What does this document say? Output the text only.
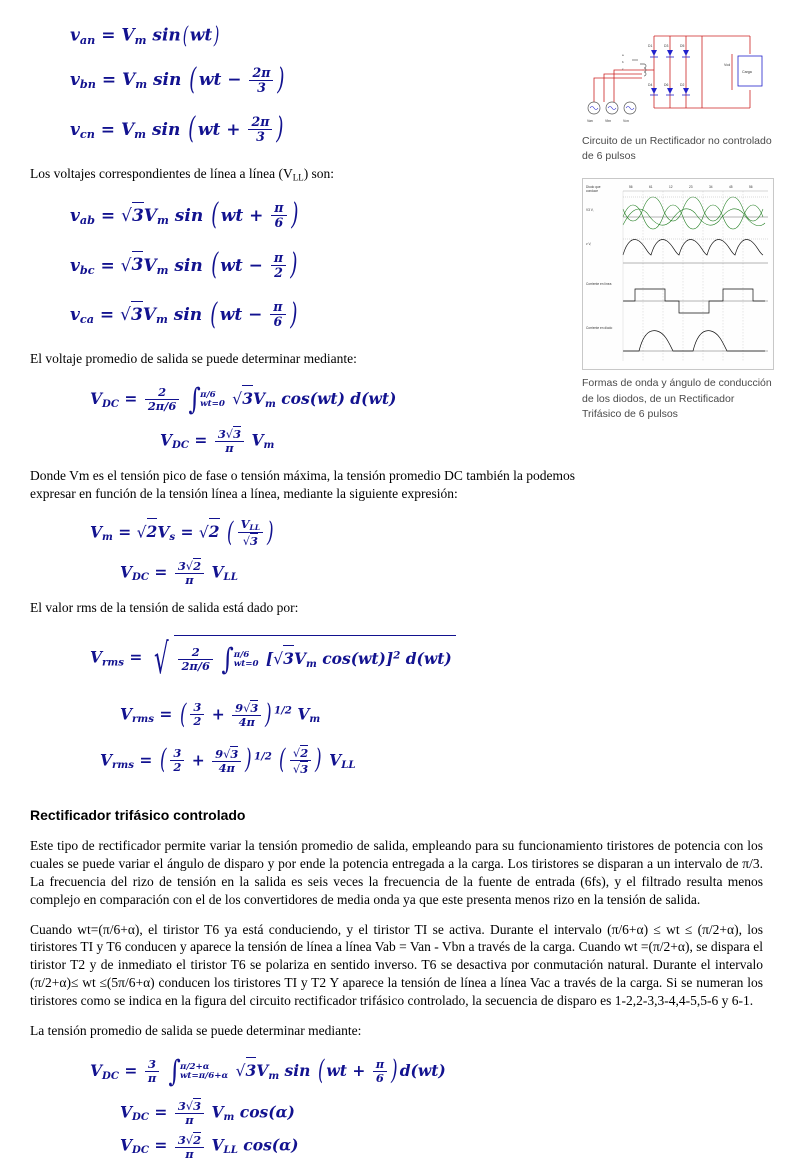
D1	D3	D5
D4	D6	D2
Vcd
Carga
Van	Vbn	Vcn
a
b
c
Circuito de un Rectificador no controlado de 6 pulsos
Diodo que
conduce
56	61	12	23	34	45	56
V3 V,
v V,
Corriente en línea
Corriente en diodo
Formas de onda y ángulo de conducción de los diodos, de un Rectificador Trifásico de 6 pulsos
$v_{an} = V_m$ sin( wt)
$v_{bn} = V_m$ sin ( wt − $\frac{2\pi}{3}$ )
$v_{cn} = V_m$ sin ( wt + $\frac{2\pi}{3}$ )

Los voltajes correspondientes de línea a línea $(V_{LL})$ son:

$v_{ab} = √3V_m$ sin ( wt + $\frac{\pi}{6}$ )
$v_{bc} = √3V_m$ sin ( wt − $\frac{\pi}{2}$ )
$v_{ca} = √3V_m$ sin ( wt − $\frac{\pi}{6}$ )

El voltaje promedio de salida se puede determinar mediante:

$V_{DC} = \frac{2}{2\pi/6}$ ∫ π/6
wt=0 $√3V_m$ cos(wt) d(wt)
$V_{DC} = \frac{3√3}{\pi} V_m$

Donde Vm es el tensión pico de fase o tensión máxima, la tensión promedio DC también la podemos expresar en función de la tensión línea a línea, mediante la siguiente expresión:

$V_m = √2V_s = √2$ ( $\frac{V_{LL}}{√3}$ )
$V_{DC} = \frac{3√2}{\pi} V_{LL}$

El valor rms de la tensión de salida está dado por:

$V_{rms}$ = √ $\frac{2}{2\pi/6}$ ∫ π/6
wt=0 [$√3V_m$ cos(wt)]$^2$ d(wt)
$V_{rms}$ = ( $\frac{3}{2} + \frac{9√3}{4\pi}$ ) $^{1/2}$ $V_m$
$V_{rms}$ = ( $\frac{3}{2} + \frac{9√3}{4\pi}$ ) $^{1/2}$ ( $\frac{√2}{√3}$ ) $V_{LL}$
Rectificador trifásico controlado

Este tipo de rectificador permite variar la tensión promedio de salida, empleando para su funcionamiento tiristores de potencia con los cuales se puede variar el ángulo de disparo y por ende la potencia entregada a la carga. Los tiristores se disparan a un intervalo de π/3. La frecuencia del rizo de tensión en la salida es seis veces la frecuencia de la fuente de entrada (6fs), y el filtrado resulta menos complejo en comparación con el de los convertidores de media onda ya que este presenta menos rizo en la tensión de salida.

Cuando wt=(π/6+α), el tiristor T6 ya está conduciendo, y el tiristor TI se activa. Durante el intervalo (π/6+α) ≤ wt ≤ (π/2+α), los tiristores TI y T6 conducen y aparece la tensión de línea a línea Vab = Van - Vbn a través de la carga. Cuando wt =(π/2+α), se dispara el tiristor T2 y de inmediato el tiristor T6 se polariza en sentido inverso. T6 se desactiva por conmutación natural. Durante el intervalo (π/2+α)≤ wt ≤(5π/6+α) conducen los tiristores TI y T2 Y aparece la tensión de línea a línea Vac a través de la carga. Si se numeran los tiristores como se indica en la figura del circuito rectificador trifásico controlado, la secuencia de disparo es 1-2,2-3,3-4,4-5,5-6 y 6-1.

La tensión promedio de salida se puede determinar mediante:

$V_{DC} = \frac{3}{\pi}$ ∫ π/2+α
wt=π/6+α $√3V_m$ sin ( wt + $\frac{\pi}{6}$ ) d(wt)
$V_{DC} = \frac{3√3}{\pi} V_m$ cos(α)
$V_{DC} = \frac{3√2}{\pi} V_{LL}$ cos(α)
